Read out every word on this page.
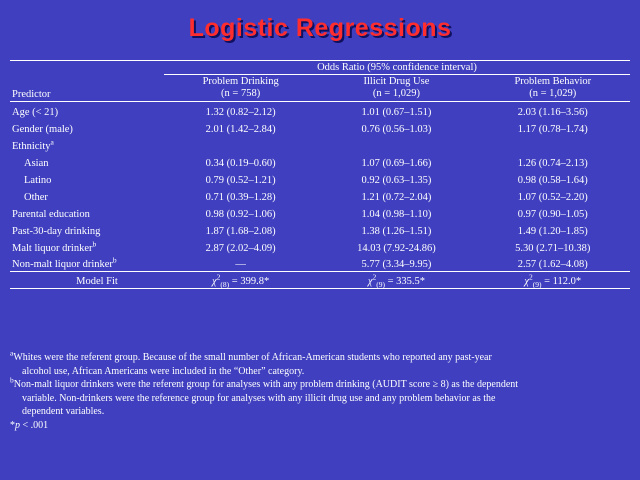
Logistic Regressions
	Odds Ratio (95% confidence interval)		
Predictor	
Problem Drinking
(n = 758)

Illicit Drug Use
(n = 1,029)

Problem Behavior
(n = 1,029)

Age (< 21)	1.32 (0.82–2.12)	1.01 (0.67–1.51)	2.03 (1.16–3.56)
Gender (male)	2.01 (1.42–2.84)	0.76 (0.56–1.03)	1.17 (0.78–1.74)
Ethnicity$^a$			
Asian	0.34 (0.19–0.60)	1.07 (0.69–1.66)	1.26 (0.74–2.13)
Latino	0.79 (0.52–1.21)	0.92 (0.63–1.35)	0.98 (0.58–1.64)
Other	0.71 (0.39–1.28)	1.21 (0.72–2.04)	1.07 (0.52–2.20)
Parental education	0.98 (0.92–1.06)	1.04 (0.98–1.10)	0.97 (0.90–1.05)
Past-30-day drinking	1.87 (1.68–2.08)	1.38 (1.26–1.51)	1.49 (1.20–1.85)
Malt liquor drinker$^b$	2.87 (2.02–4.09)	14.03 (7.92-24.86)	5.30 (2.71–10.38)
Non-malt liquor drinker$^b$	—	5.77 (3.34–9.95)	2.57 (1.62–4.08)
Model Fit	$\chi^2_{(8)} = 399.8*$	$\chi^2_{(9)} = 335.5*$	$\chi^2_{(9)} = 112.0*$

$^a$Whites were the referent group. Because of the small number of African-American students who reported any past-year

alcohol use, African Americans were included in the “Other” category.

$^b$Non-malt liquor drinkers were the referent group for analyses with any problem drinking (AUDIT score ≥ 8) as the dependent

variable. Non-drinkers were the reference group for analyses with any illicit drug use and any problem behavior as the

dependent variables.

*p < .001
